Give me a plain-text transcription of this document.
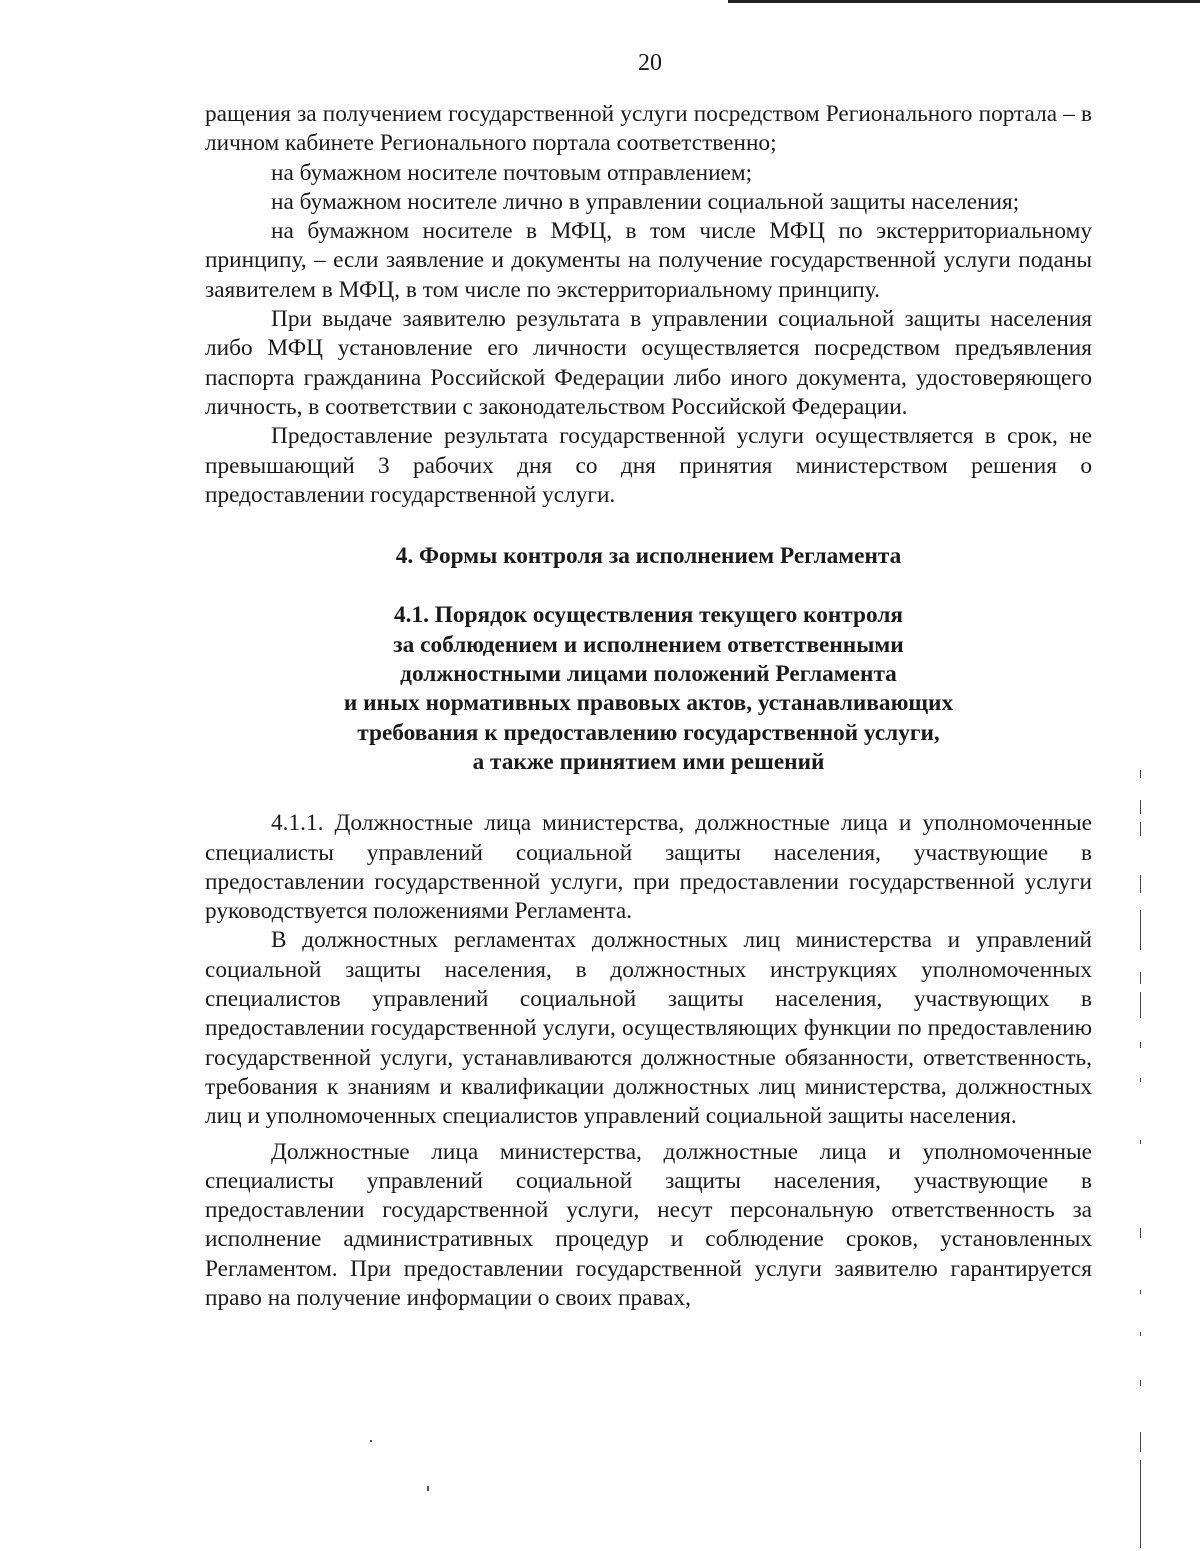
20

ращения за получением государственной услуги посредством Регионального портала – в личном кабинете Регионального портала соответственно;

на бумажном носителе почтовым отправлением;

на бумажном носителе лично в управлении социальной защиты населения;

на бумажном носителе в МФЦ, в том числе МФЦ по экстерриториальному принципу, – если заявление и документы на получение государственной услуги поданы заявителем в МФЦ, в том числе по экстерриториальному принципу.

При выдаче заявителю результата в управлении социальной защиты населения либо МФЦ установление его личности осуществляется посредством предъявления паспорта гражданина Российской Федерации либо иного документа, удостоверяющего личность, в соответствии с законодательством Российской Федерации.

Предоставление результата государственной услуги осуществляется в срок, не превышающий 3 рабочих дня со дня принятия министерством решения о предоставлении государственной услуги.

4. Формы контроля за исполнением Регламента

4.1. Порядок осуществления текущего контроля
за соблюдением и исполнением ответственными
должностными лицами положений Регламента
и иных нормативных правовых актов, устанавливающих
требования к предоставлению государственной услуги,
а также принятием ими решений

4.1.1. Должностные лица министерства, должностные лица и уполномоченные специалисты управлений социальной защиты населения, участвующие в предоставлении государственной услуги, при предоставлении государственной услуги руководствуется положениями Регламента.

В должностных регламентах должностных лиц министерства и управлений социальной защиты населения, в должностных инструкциях уполномоченных специалистов управлений социальной защиты населения, участвующих в предоставлении государственной услуги, осуществляющих функции по предоставлению государственной услуги, устанавливаются должностные обязанности, ответственность, требования к знаниям и квалификации должностных лиц министерства, должностных лиц и уполномоченных специалистов управлений социальной защиты населения.

Должностные лица министерства, должностные лица и уполномоченные специалисты управлений социальной защиты населения, участвующие в предоставлении государственной услуги, несут персональную ответственность за исполнение административных процедур и соблюдение сроков, установленных Регламентом. При предоставлении государственной услуги заявителю гарантируется право на получение информации о своих правах,
